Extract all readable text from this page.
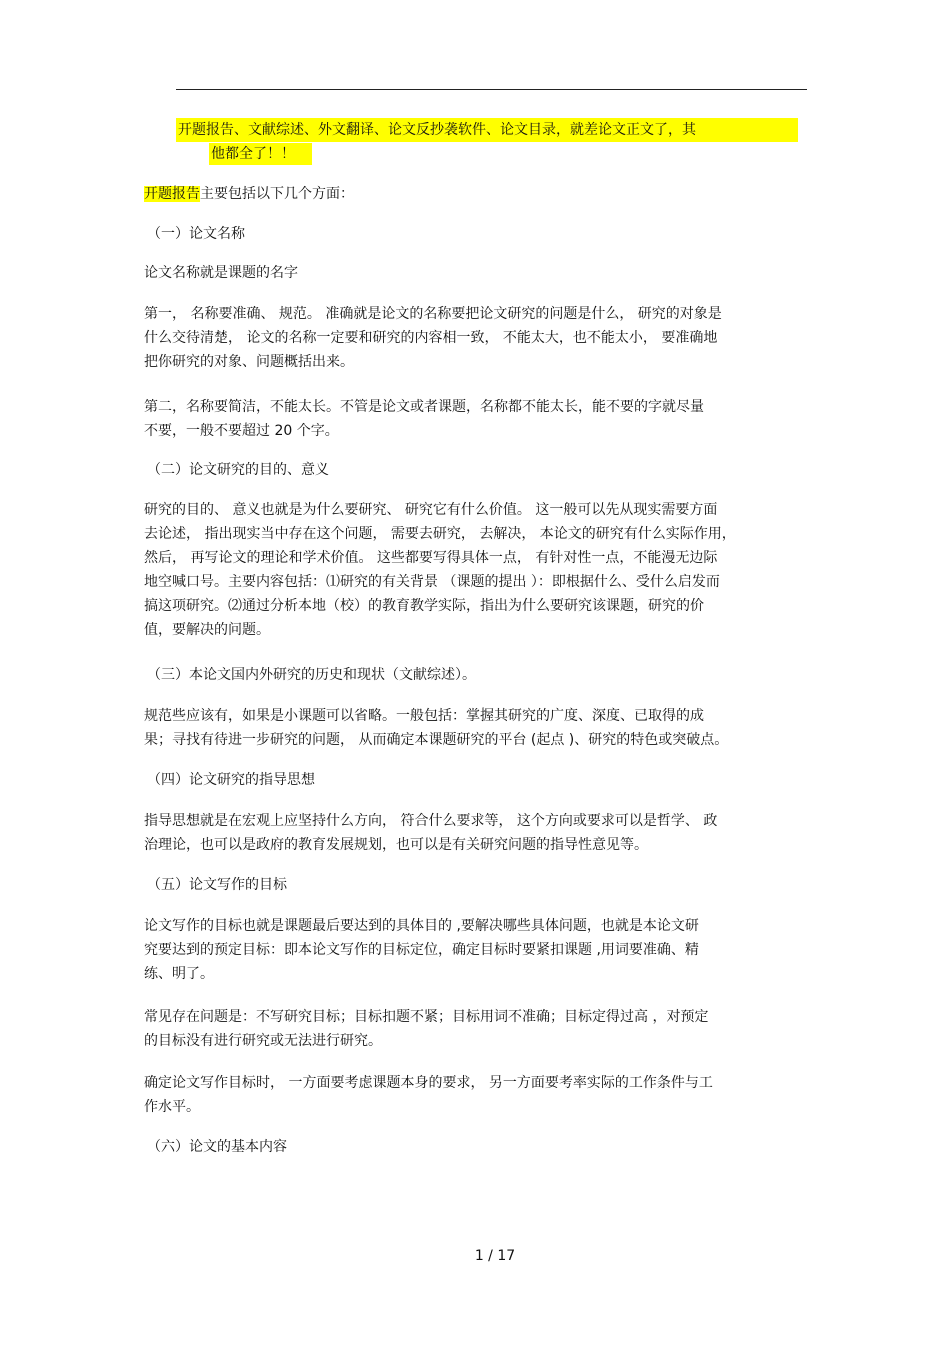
开题报告、文献综述、外文翻译、论文反抄袭软件、论文目录，就差论文正文了，其
他都全了！！
开题报告主要包括以下几个方面：
（一）论文名称
论文名称就是课题的名字
第一， 名称要准确、 规范。 准确就是论文的名称要把论文研究的问题是什么， 研究的对象是
什么交待清楚， 论文的名称一定要和研究的内容相一致， 不能太大，也不能太小， 要准确地
把你研究的对象、问题概括出来。
第二，名称要简洁，不能太长。不管是论文或者课题，名称都不能太长，能不要的字就尽量
不要，一般不要超过 20 个字。
（二）论文研究的目的、意义
研究的目的、 意义也就是为什么要研究、 研究它有什么价值。 这一般可以先从现实需要方面
去论述， 指出现实当中存在这个问题， 需要去研究， 去解决， 本论文的研究有什么实际作用，
然后， 再写论文的理论和学术价值。 这些都要写得具体一点， 有针对性一点，不能漫无边际
地空喊口号。主要内容包括：⑴研究的有关背景 （课题的提出 ）：即根据什么、受什么启发而
搞这项研究。⑵通过分析本地（校）的教育教学实际，指出为什么要研究该课题，研究的价
值，要解决的问题。
（三）本论文国内外研究的历史和现状（文献综述）。
规范些应该有，如果是小课题可以省略。一般包括：掌握其研究的广度、深度、已取得的成
果；寻找有待进一步研究的问题， 从而确定本课题研究的平台 (起点 )、研究的特色或突破点。
（四）论文研究的指导思想
指导思想就是在宏观上应坚持什么方向， 符合什么要求等， 这个方向或要求可以是哲学、 政
治理论，也可以是政府的教育发展规划，也可以是有关研究问题的指导性意见等。
（五）论文写作的目标
论文写作的目标也就是课题最后要达到的具体目的 ,要解决哪些具体问题，也就是本论文研
究要达到的预定目标：即本论文写作的目标定位，确定目标时要紧扣课题 ,用词要准确、精
练、明了。
常见存在问题是：不写研究目标；目标扣题不紧；目标用词不准确；目标定得过高 ，对预定
的目标没有进行研究或无法进行研究。
确定论文写作目标时， 一方面要考虑课题本身的要求， 另一方面要考率实际的工作条件与工
作水平。
（六）论文的基本内容
1 / 17
